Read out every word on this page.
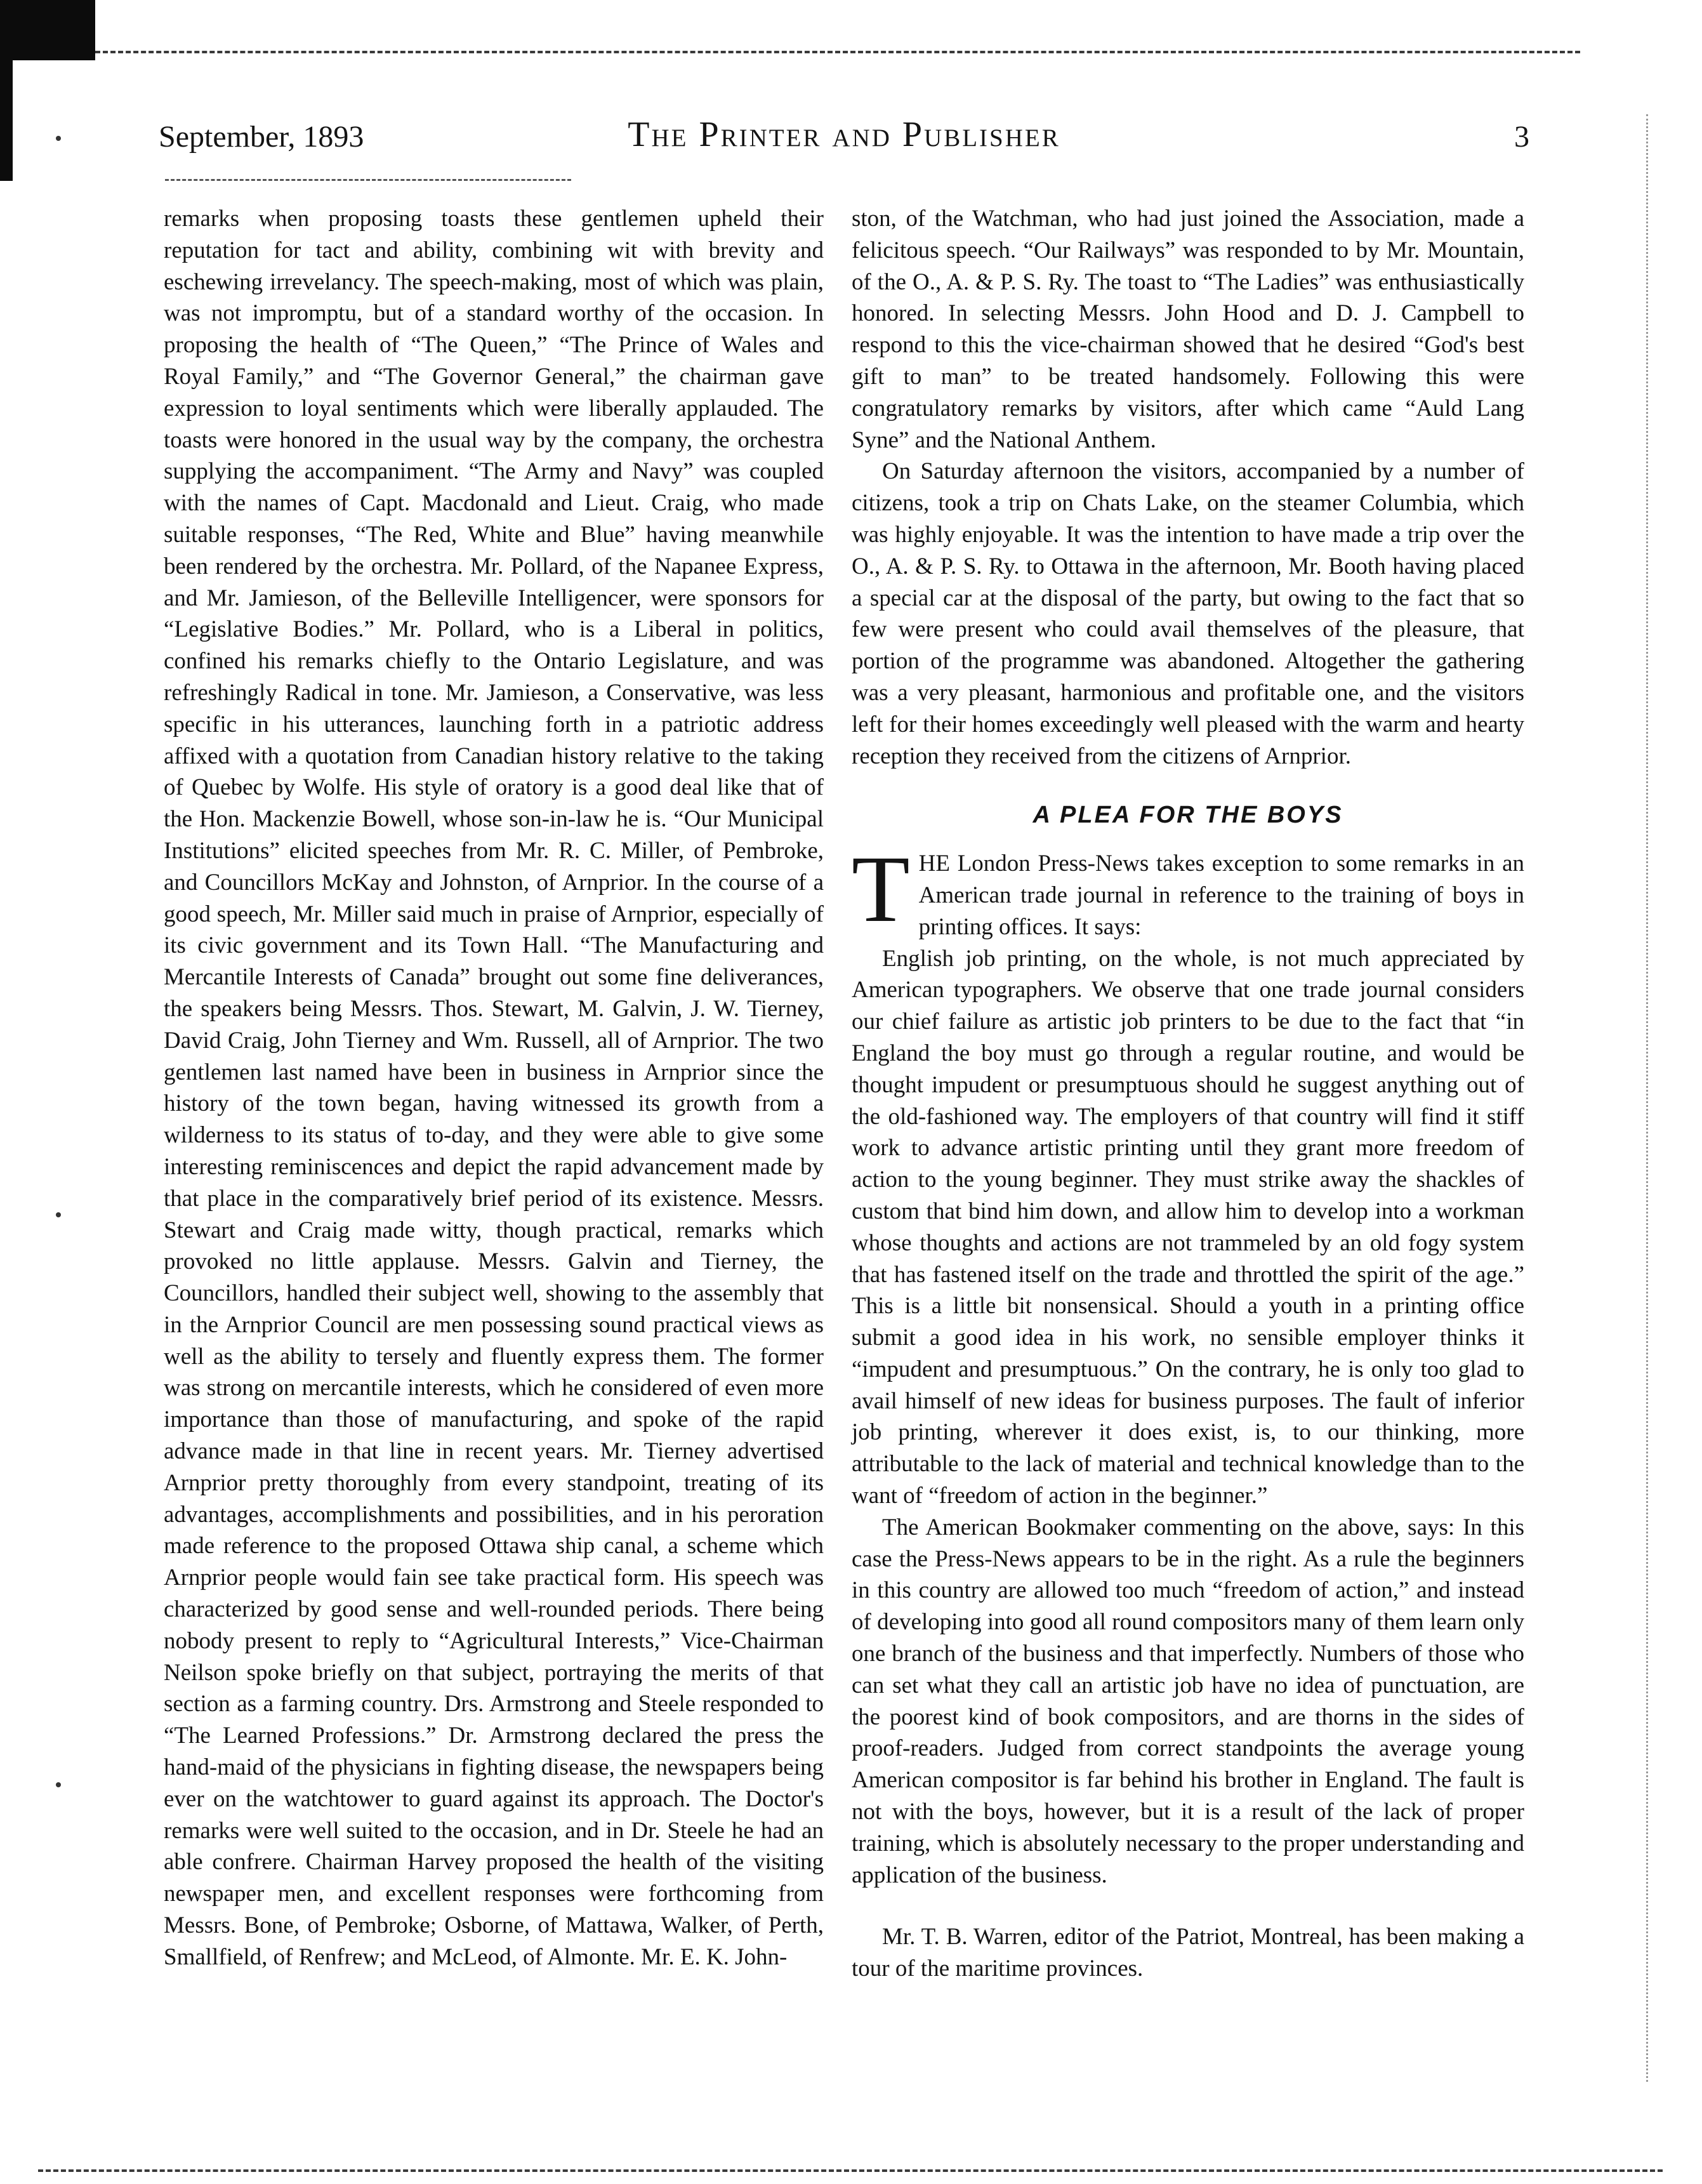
September, 1893	The Printer and Publisher	3

remarks when proposing toasts these gentlemen upheld their reputation for tact and ability, combining wit with brevity and eschewing irrevelancy. The speech-making, most of which was plain, was not impromptu, but of a standard worthy of the occasion. In proposing the health of “The Queen,” “The Prince of Wales and Royal Family,” and “The Governor General,” the chairman gave expression to loyal sentiments which were liberally applauded. The toasts were honored in the usual way by the company, the orchestra supplying the accompaniment. “The Army and Navy” was coupled with the names of Capt. Macdonald and Lieut. Craig, who made suitable responses, “The Red, White and Blue” having meanwhile been rendered by the orchestra. Mr. Pollard, of the Napanee Express, and Mr. Jamieson, of the Belleville Intelligencer, were sponsors for “Legislative Bodies.” Mr. Pollard, who is a Liberal in politics, confined his remarks chiefly to the Ontario Legislature, and was refreshingly Radical in tone. Mr. Jamieson, a Conservative, was less specific in his utterances, launching forth in a patriotic address affixed with a quotation from Canadian history relative to the taking of Quebec by Wolfe. His style of oratory is a good deal like that of the Hon. Mackenzie Bowell, whose son-in-law he is. “Our Municipal Institutions” elicited speeches from Mr. R. C. Miller, of Pembroke, and Councillors McKay and Johnston, of Arnprior. In the course of a good speech, Mr. Miller said much in praise of Arnprior, especially of its civic government and its Town Hall. “The Manufacturing and Mercantile Interests of Canada” brought out some fine deliverances, the speakers being Messrs. Thos. Stewart, M. Galvin, J. W. Tierney, David Craig, John Tierney and Wm. Russell, all of Arnprior. The two gentlemen last named have been in business in Arnprior since the history of the town began, having witnessed its growth from a wilderness to its status of to-day, and they were able to give some interesting reminiscences and depict the rapid advancement made by that place in the comparatively brief period of its existence. Messrs. Stewart and Craig made witty, though practical, remarks which provoked no little applause. Messrs. Galvin and Tierney, the Councillors, handled their subject well, showing to the assembly that in the Arnprior Council are men possessing sound practical views as well as the ability to tersely and fluently express them. The former was strong on mercantile interests, which he considered of even more importance than those of manufacturing, and spoke of the rapid advance made in that line in recent years. Mr. Tierney advertised Arnprior pretty thoroughly from every standpoint, treating of its advantages, accomplishments and possibilities, and in his peroration made reference to the proposed Ottawa ship canal, a scheme which Arnprior people would fain see take practical form. His speech was characterized by good sense and well-rounded periods. There being nobody present to reply to “Agricultural Interests,” Vice-Chairman Neilson spoke briefly on that subject, portraying the merits of that section as a farming country. Drs. Armstrong and Steele responded to “The Learned Professions.” Dr. Armstrong declared the press the hand-maid of the physicians in fighting disease, the newspapers being ever on the watchtower to guard against its approach. The Doctor's remarks were well suited to the occasion, and in Dr. Steele he had an able confrere. Chairman Harvey proposed the health of the visiting newspaper men, and excellent responses were forthcoming from Messrs. Bone, of Pembroke; Osborne, of Mattawa, Walker, of Perth, Smallfield, of Renfrew; and McLeod, of Almonte. Mr. E. K. John-

ston, of the Watchman, who had just joined the Association, made a felicitous speech. “Our Railways” was responded to by Mr. Mountain, of the O., A. & P. S. Ry. The toast to “The Ladies” was enthusiastically honored. In selecting Messrs. John Hood and D. J. Campbell to respond to this the vice-chairman showed that he desired “God's best gift to man” to be treated handsomely. Following this were congratulatory remarks by visitors, after which came “Auld Lang Syne” and the National Anthem.

On Saturday afternoon the visitors, accompanied by a number of citizens, took a trip on Chats Lake, on the steamer Columbia, which was highly enjoyable. It was the intention to have made a trip over the O., A. & P. S. Ry. to Ottawa in the afternoon, Mr. Booth having placed a special car at the disposal of the party, but owing to the fact that so few were present who could avail themselves of the pleasure, that portion of the programme was abandoned. Altogether the gathering was a very pleasant, harmonious and profitable one, and the visitors left for their homes exceedingly well pleased with the warm and hearty reception they received from the citizens of Arnprior.

A PLEA FOR THE BOYS

THE London Press-News takes exception to some remarks in an American trade journal in reference to the training of boys in printing offices. It says:

English job printing, on the whole, is not much appreciated by American typographers. We observe that one trade journal considers our chief failure as artistic job printers to be due to the fact that “in England the boy must go through a regular routine, and would be thought impudent or presumptuous should he suggest anything out of the old-fashioned way. The employers of that country will find it stiff work to advance artistic printing until they grant more freedom of action to the young beginner. They must strike away the shackles of custom that bind him down, and allow him to develop into a workman whose thoughts and actions are not trammeled by an old fogy system that has fastened itself on the trade and throttled the spirit of the age.” This is a little bit nonsensical. Should a youth in a printing office submit a good idea in his work, no sensible employer thinks it “impudent and presumptuous.” On the contrary, he is only too glad to avail himself of new ideas for business purposes. The fault of inferior job printing, wherever it does exist, is, to our thinking, more attributable to the lack of material and technical knowledge than to the want of “freedom of action in the beginner.”

The American Bookmaker commenting on the above, says: In this case the Press-News appears to be in the right. As a rule the beginners in this country are allowed too much “freedom of action,” and instead of developing into good all round compositors many of them learn only one branch of the business and that imperfectly. Numbers of those who can set what they call an artistic job have no idea of punctuation, are the poorest kind of book compositors, and are thorns in the sides of proof-readers. Judged from correct standpoints the average young American compositor is far behind his brother in England. The fault is not with the boys, however, but it is a result of the lack of proper training, which is absolutely necessary to the proper understanding and application of the business.

Mr. T. B. Warren, editor of the Patriot, Montreal, has been making a tour of the maritime provinces.
